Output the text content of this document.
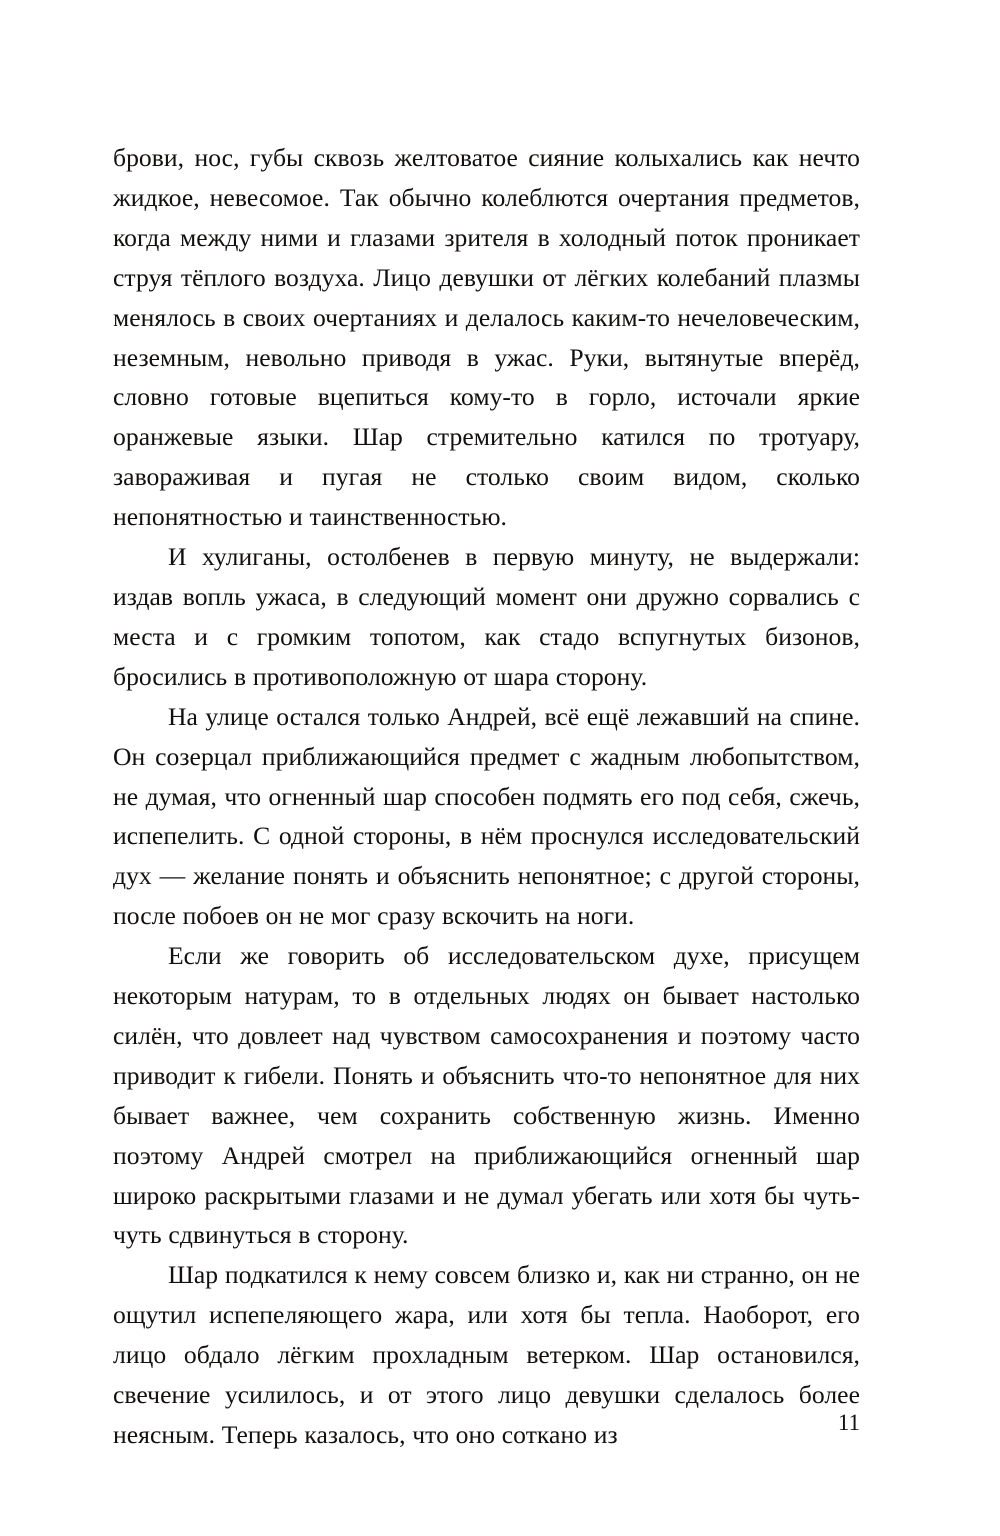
брови, нос, губы сквозь желтоватое сияние колыхались как нечто жидкое, невесомое. Так обычно колеблются очертания предметов, когда между ними и глазами зрителя в холодный поток проникает струя тёплого воздуха. Лицо девушки от лёгких колебаний плазмы менялось в своих очертаниях и делалось каким-то нечеловеческим, неземным, невольно приводя в ужас. Руки, вытянутые вперёд, словно готовые вцепиться кому-то в горло, источали яркие оранжевые языки. Шар стремительно катился по тротуару, завораживая и пугая не столько своим видом, сколько непонятностью и таинственностью.

И хулиганы, остолбенев в первую минуту, не выдержали: издав вопль ужаса, в следующий момент они дружно сорвались с места и с громким топотом, как стадо вспугнутых бизонов, бросились в противоположную от шара сторону.

На улице остался только Андрей, всё ещё лежавший на спине. Он созерцал приближающийся предмет с жадным любопытством, не думая, что огненный шар способен подмять его под себя, сжечь, испепелить. С одной стороны, в нём проснулся исследовательский дух — желание понять и объяснить непонятное; с другой стороны, после побоев он не мог сразу вскочить на ноги.

Если же говорить об исследовательском духе, присущем некоторым натурам, то в отдельных людях он бывает настолько силён, что довлеет над чувством самосохранения и поэтому часто приводит к гибели. Понять и объяснить что-то непонятное для них бывает важнее, чем сохранить собственную жизнь. Именно поэтому Андрей смотрел на приближающийся огненный шар широко раскрытыми глазами и не думал убегать или хотя бы чуть-чуть сдвинуться в сторону.

Шар подкатился к нему совсем близко и, как ни странно, он не ощутил испепеляющего жара, или хотя бы тепла. Наоборот, его лицо обдало лёгким прохладным ветерком. Шар остановился, свечение усилилось, и от этого лицо девушки сделалось более неясным. Теперь казалось, что оно соткано из	11
